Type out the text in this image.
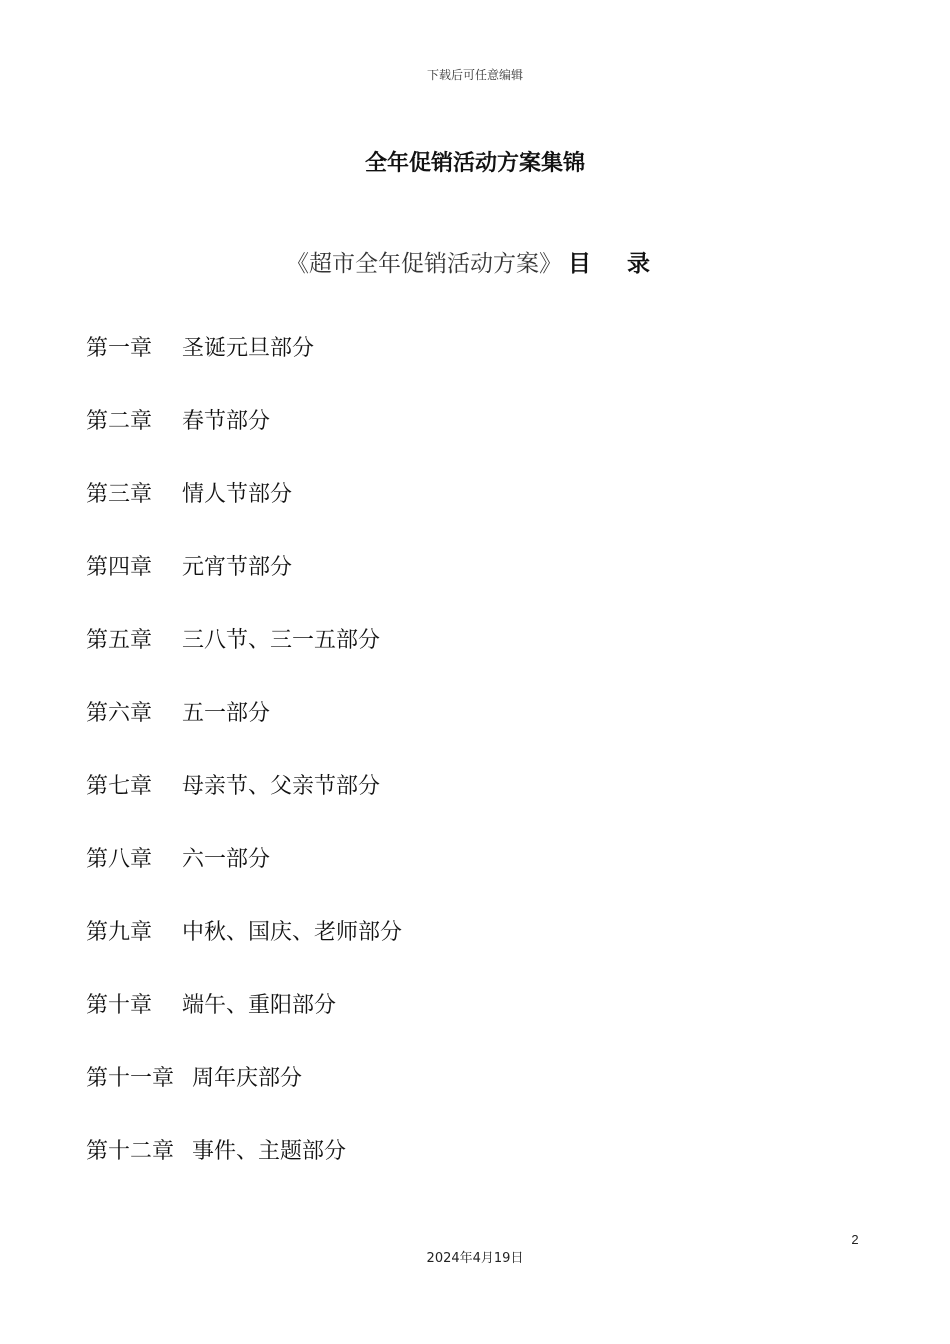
下载后可任意编辑
全年促销活动方案集锦
《超市全年促销活动方案》 目 录
第一章 圣诞元旦部分
第二章 春节部分
第三章 情人节部分
第四章 元宵节部分
第五章 三八节、三一五部分
第六章 五一部分
第七章 母亲节、父亲节部分
第八章 六一部分
第九章 中秋、国庆、老师部分
第十章 端午、重阳部分
第十一章 周年庆部分
第十二章 事件、主题部分
2
2024年4月19日
